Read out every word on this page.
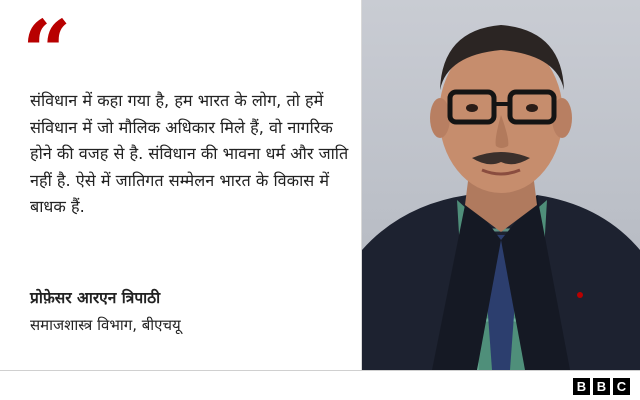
“
संविधान में कहा गया है, हम भारत के लोग, तो हमें संविधान में जो मौलिक अधिकार मिले हैं, वो नागरिक होने की वजह से है. संविधान की भावना धर्म और जाति नहीं है. ऐसे में जातिगत सम्मेलन भारत के विकास में बाधक हैं.
प्रोफ़ेसर आरएन त्रिपाठी
समाजशास्त्र विभाग, बीएचयू
B B C
